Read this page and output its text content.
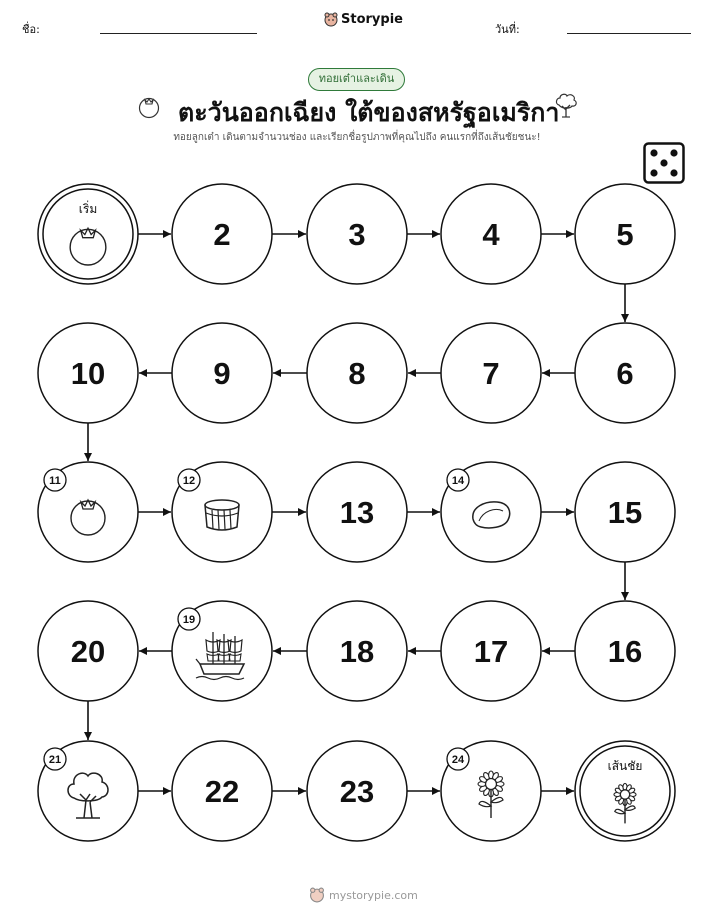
ชื่อ:
Storypie
วันที่:
ทอยเต๋าและเดิน
ตะวันออกเฉียง ใต้ของสหรัฐอเมริกา
ทอยลูกเต๋า เดินตามจำนวนช่อง และเรียกชื่อรูปภาพที่คุณไปถึง คนแรกที่ถึงเส้นชัยชนะ!
เริ่ม
2	3	4	5
6
7
8
9
10
11	12
13
14
15
16
17
18
19
20
21
22	23
24	เส้นชัย
mystorypie.com
